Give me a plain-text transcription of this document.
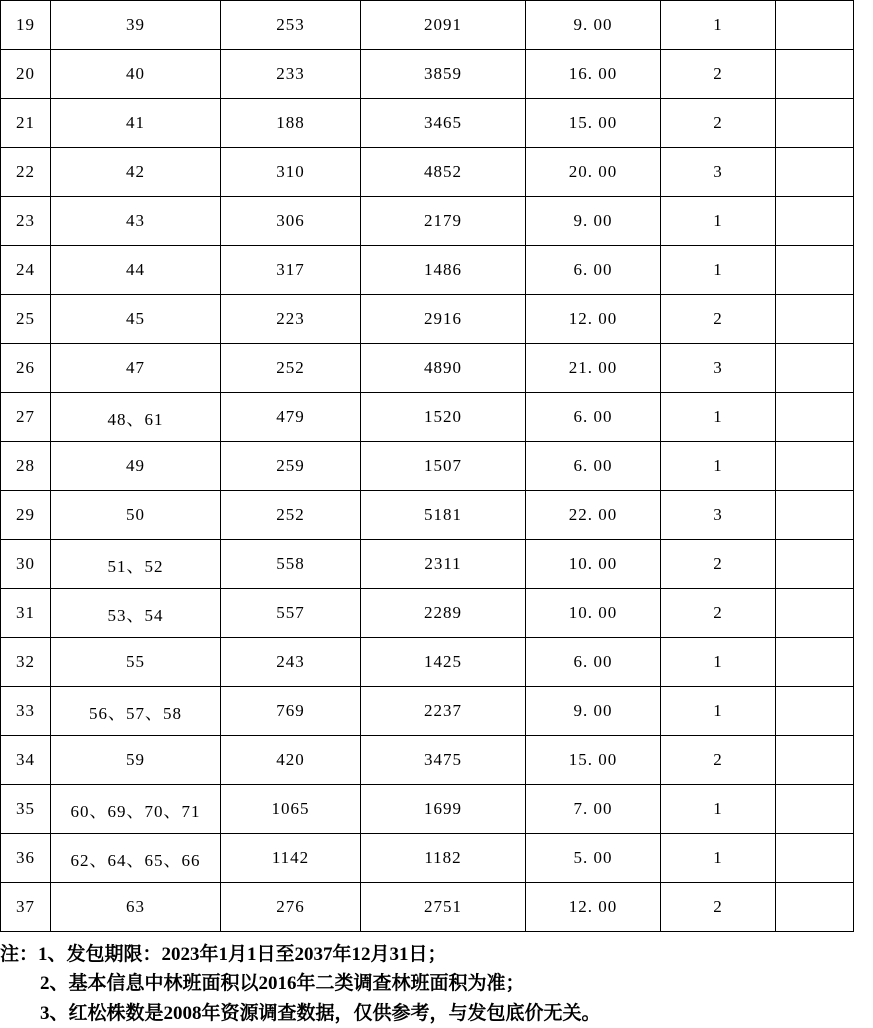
19	39	253	2091	9. 00	1	
20	40	233	3859	16. 00	2	
21	41	188	3465	15. 00	2	
22	42	310	4852	20. 00	3	
23	43	306	2179	9. 00	1	
24	44	317	1486	6. 00	1	
25	45	223	2916	12. 00	2	
26	47	252	4890	21. 00	3	
27	48、61	479	1520	6. 00	1	
28	49	259	1507	6. 00	1	
29	50	252	5181	22. 00	3	
30	51、52	558	2311	10. 00	2	
31	53、54	557	2289	10. 00	2	
32	55	243	1425	6. 00	1	
33	56、57、58	769	2237	9. 00	1	
34	59	420	3475	15. 00	2	
35	60、69、70、71	1065	1699	7. 00	1	
36	62、64、65、66	1142	1182	5. 00	1	
37	63	276	2751	12. 00	2	
注：1、发包期限：2023年1月1日至2037年12月31日；
2、基本信息中林班面积以2016年二类调查林班面积为准；
3、红松株数是2008年资源调查数据，仅供参考，与发包底价无关。
